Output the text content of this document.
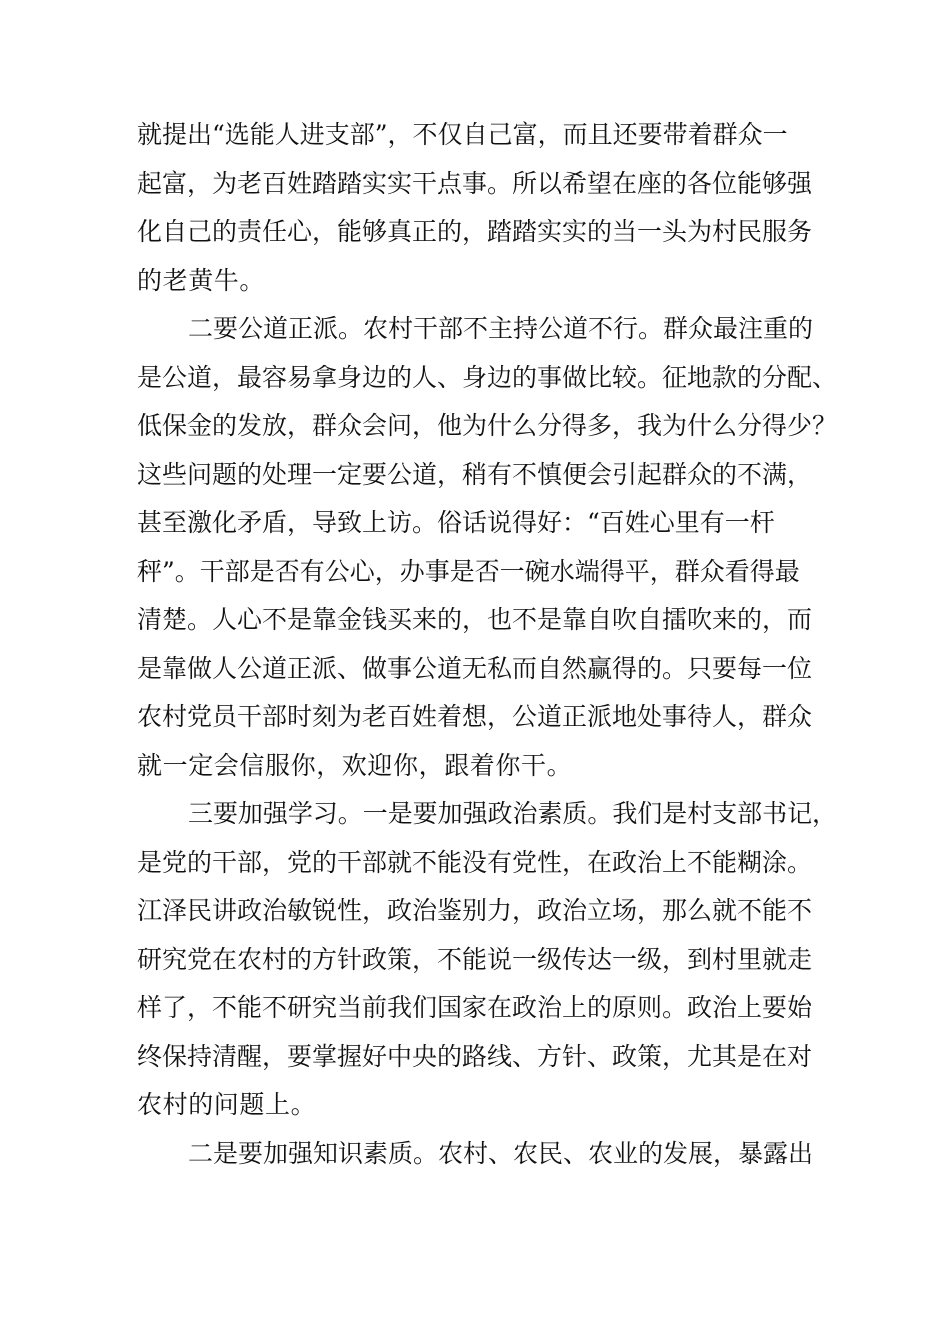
就提出“选能人进支部”，不仅自己富，而且还要带着群众一
起富，为老百姓踏踏实实干点事。所以希望在座的各位能够强
化自己的责任心，能够真正的，踏踏实实的当一头为村民服务
的老黄牛。
二要公道正派。农村干部不主持公道不行。群众最注重的
是公道，最容易拿身边的人、身边的事做比较。征地款的分配、
低保金的发放，群众会问，他为什么分得多，我为什么分得少？
这些问题的处理一定要公道，稍有不慎便会引起群众的不满，
甚至激化矛盾，导致上访。俗话说得好：“百姓心里有一杆
秤”。干部是否有公心，办事是否一碗水端得平，群众看得最
清楚。人心不是靠金钱买来的，也不是靠自吹自擂吹来的，而
是靠做人公道正派、做事公道无私而自然赢得的。只要每一位
农村党员干部时刻为老百姓着想，公道正派地处事待人，群众
就一定会信服你，欢迎你，跟着你干。
三要加强学习。一是要加强政治素质。我们是村支部书记，
是党的干部，党的干部就不能没有党性，在政治上不能糊涂。
江泽民讲政治敏锐性，政治鉴别力，政治立场，那么就不能不
研究党在农村的方针政策，不能说一级传达一级，到村里就走
样了，不能不研究当前我们国家在政治上的原则。政治上要始
终保持清醒，要掌握好中央的路线、方针、政策，尤其是在对
农村的问题上。
二是要加强知识素质。农村、农民、农业的发展，暴露出
